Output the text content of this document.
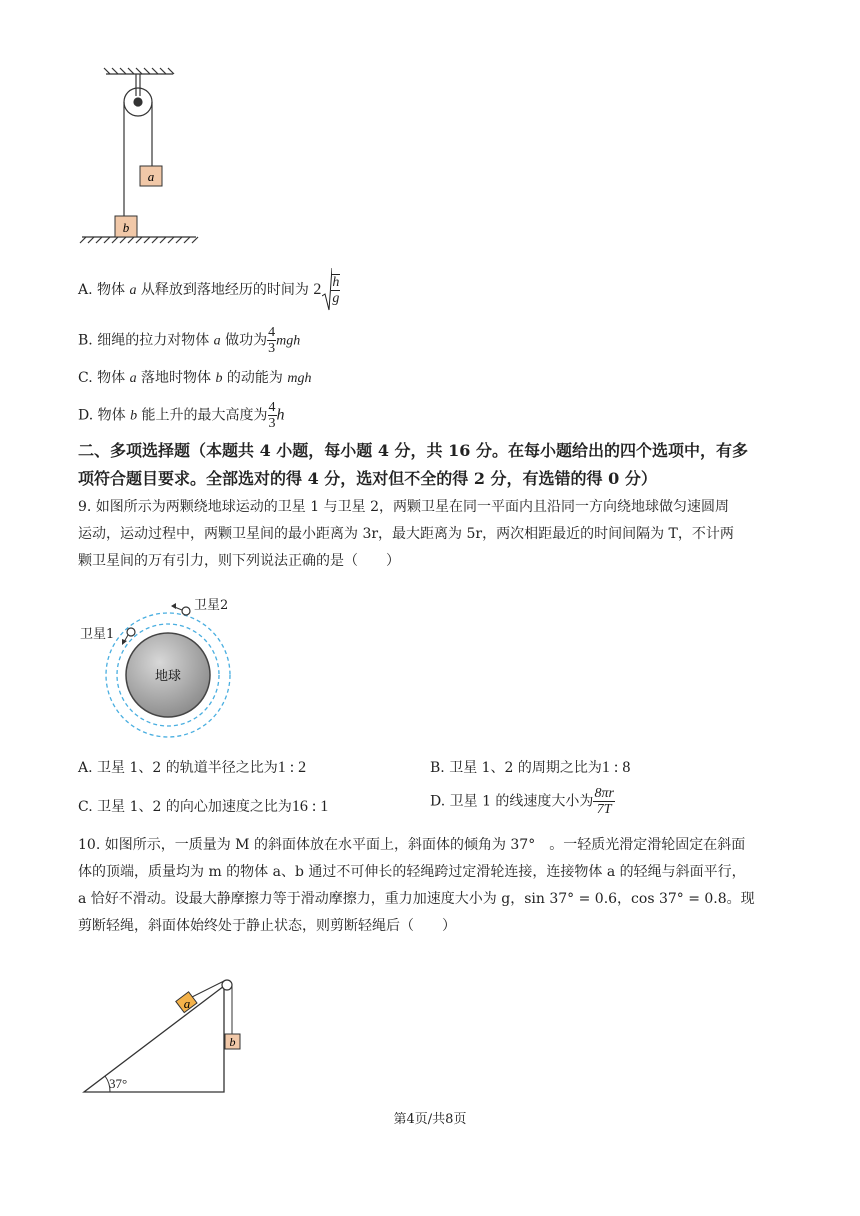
a
b
A. 物体 a 从释放到落地经历的时间为 $2 \frac{h}{g}$
B. 细绳的拉力对物体 a 做功为 $\frac{4}{3}$ mgh
C. 物体 a 落地时物体 b 的动能为 mgh
D. 物体 b 能上升的最大高度为 $\frac{4}{3}$ h
二、多项选择题（本题共 4 小题，每小题 4 分，共 16 分。在每小题给出的四个选项中，有多
项符合题目要求。全部选对的得 4 分，选对但不全的得 2 分，有选错的得 0 分）
9. 如图所示为两颗绕地球运动的卫星 1 与卫星 2，两颗卫星在同一平面内且沿同一方向绕地球做匀速圆周
运动，运动过程中，两颗卫星间的最小距离为 3r，最大距离为 5r，两次相距最近的时间间隔为 T，不计两
颗卫星间的万有引力，则下列说法正确的是（　　）
地球
卫星2
卫星1
A. 卫星 1、2 的轨道半径之比为1 : 2	B. 卫星 1、2 的周期之比为1 : 8
C. 卫星 1、2 的向心加速度之比为16 : 1	D. 卫星 1 的线速度大小为 $\frac{8\pi r}{7T}$
10. 如图所示，一质量为 M 的斜面体放在水平面上，斜面体的倾角为 37°　。一轻质光滑定滑轮固定在斜面
体的顶端，质量均为 m 的物体 a、b 通过不可伸长的轻绳跨过定滑轮连接，连接物体 a 的轻绳与斜面平行，
a 恰好不滑动。设最大静摩擦力等于滑动摩擦力，重力加速度大小为 g，sin 37° = 0.6，cos 37° = 0.8。现
剪断轻绳，斜面体始终处于静止状态，则剪断轻绳后（　　）
37°
a
b
第4页/共8页
